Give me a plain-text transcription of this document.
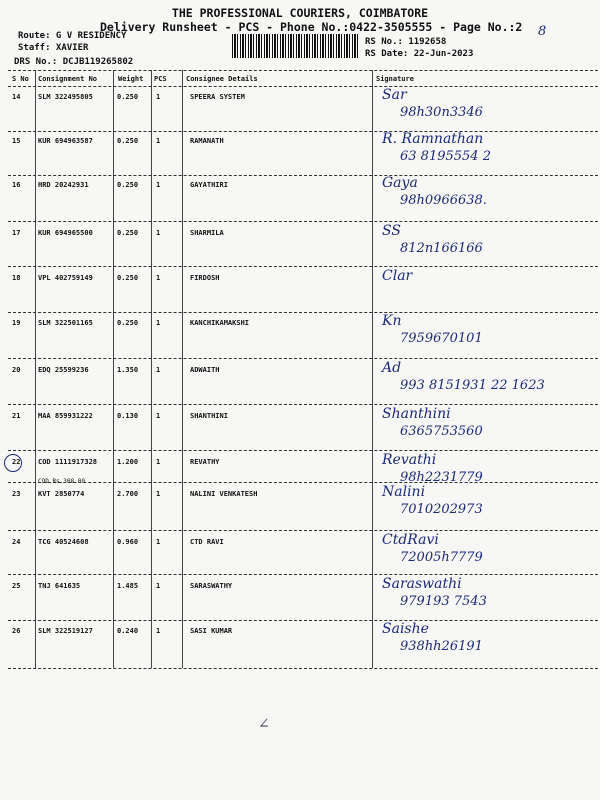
THE PROFESSIONAL COURIERS, COIMBATORE
Delivery Runsheet - PCS - Phone No.:0422-3505555 - Page No.:2 8
Route: G V RESIDENCY
Staff: XAVIER
DRS No.: DCJB119265802
RS No.: 1192658
RS Date: 22-Jun-2023
S No Consignment No	Weight PCS	Consignee Details	Signature
14	SLM 322495805	0.250	1	SPEERA SYSTEM	Sar
98h30n3346
15	KUR 694963587	0.250	1	RAMANATH	R. Ramnathan
63 8195554 2
16	HRD 20242931	0.250	1	GAYATHIRI	Gaya
98h0966638.
17	KUR 694965500	0.250	1	SHARMILA	SS
812n166166
18	VPL 402759149	0.250	1	FIRDOSH	Clar
19	SLM 322501165	0.250	1	KANCHIKAMAKSHI	Kn
7959670101
20	EDQ 25599236	1.350	1	ADWAITH	Ad
993 8151931 22 1623
21	MAA 859931222	0.130	1	SHANTHINI	Shanthini
6365753560
22	COD 1111917328	1.200	1	REVATHY
COD Rs.308.00
Revathi
98h2231779
23	KVT 2850774	2.700	1	NALINI VENKATESH	Nalini
7010202973
24	TCG 40524608	0.960	1	CTD RAVI	CtdRavi
72005h7779
25	TNJ 641635	1.485	1	SARASWATHY	Saraswathi
979193 7543
26	SLM 322519127	0.240	1	SASI KUMAR	Saishe
938hh26191
∠
